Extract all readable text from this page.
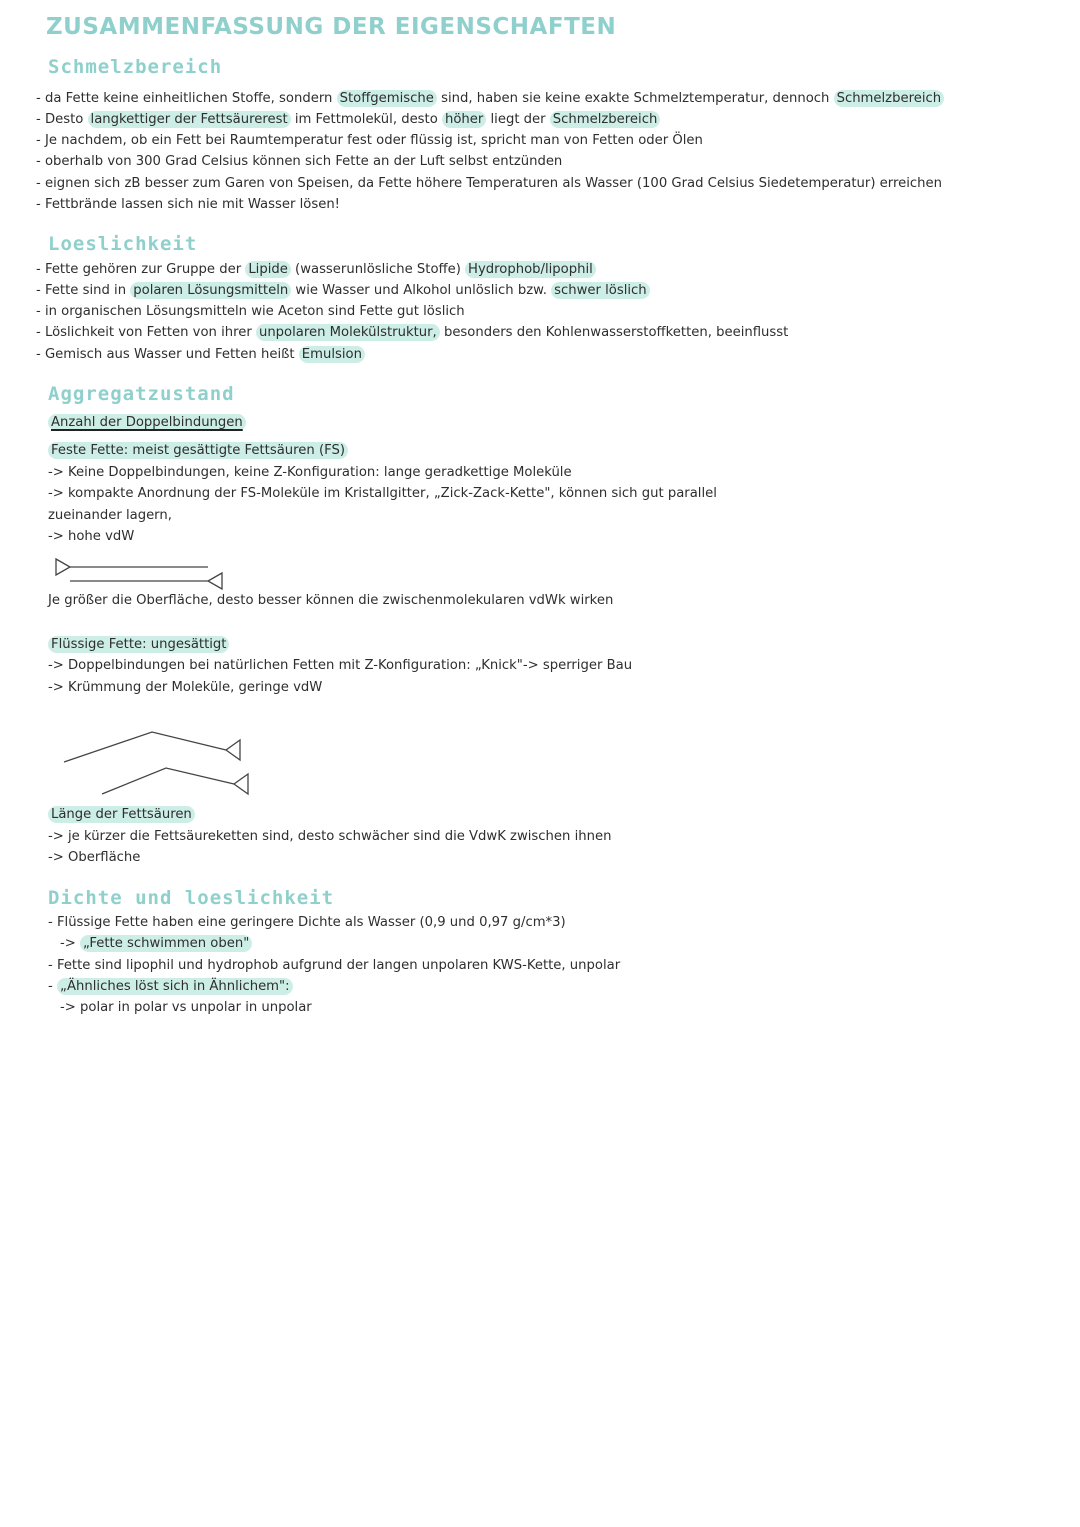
ZUSAMMENFASSUNG DER EIGENSCHAFTEN
Schmelzbereich
- da Fette keine einheitlichen Stoffe, sondern Stoffgemische sind, haben sie keine exakte Schmelztemperatur, dennoch Schmelzbereich
- Desto langkettiger der Fettsäurerest im Fettmolekül, desto höher liegt der Schmelzbereich
- Je nachdem, ob ein Fett bei Raumtemperatur fest oder flüssig ist, spricht man von Fetten oder Ölen
- oberhalb von 300 Grad Celsius können sich Fette an der Luft selbst entzünden
- eignen sich zB besser zum Garen von Speisen, da Fette höhere Temperaturen als Wasser (100 Grad Celsius Siedetemperatur) erreichen
- Fettbrände lassen sich nie mit Wasser lösen!
Loeslichkeit
- Fette gehören zur Gruppe der Lipide (wasserunlösliche Stoffe) Hydrophob/lipophil
- Fette sind in polaren Lösungsmitteln wie Wasser und Alkohol unlöslich bzw. schwer löslich
- in organischen Lösungsmitteln wie Aceton sind Fette gut löslich
- Löslichkeit von Fetten von ihrer unpolaren Molekülstruktur, besonders den Kohlenwasserstoffketten, beeinflusst
- Gemisch aus Wasser und Fetten heißt Emulsion
Aggregatzustand
Anzahl der Doppelbindungen
Feste Fette: meist gesättigte Fettsäuren (FS)
-> Keine Doppelbindungen, keine Z-Konfiguration: lange geradkettige Moleküle
-> kompakte Anordnung der FS-Moleküle im Kristallgitter, „Zick-Zack-Kette", können sich gut parallel
zueinander lagern,
-> hohe vdW
Je größer die Oberfläche, desto besser können die zwischenmolekularen vdWk wirken
Flüssige Fette: ungesättigt
-> Doppelbindungen bei natürlichen Fetten mit Z-Konfiguration: „Knick"-> sperriger Bau
-> Krümmung der Moleküle, geringe vdW
Länge der Fettsäuren
-> je kürzer die Fettsäureketten sind, desto schwächer sind die VdwK zwischen ihnen
-> Oberfläche
Dichte und loeslichkeit
- Flüssige Fette haben eine geringere Dichte als Wasser (0,9 und 0,97 g/cm*3)
-> „Fette schwimmen oben"
- Fette sind lipophil und hydrophob aufgrund der langen unpolaren KWS-Kette, unpolar
- „Ähnliches löst sich in Ähnlichem":
-> polar in polar vs unpolar in unpolar
